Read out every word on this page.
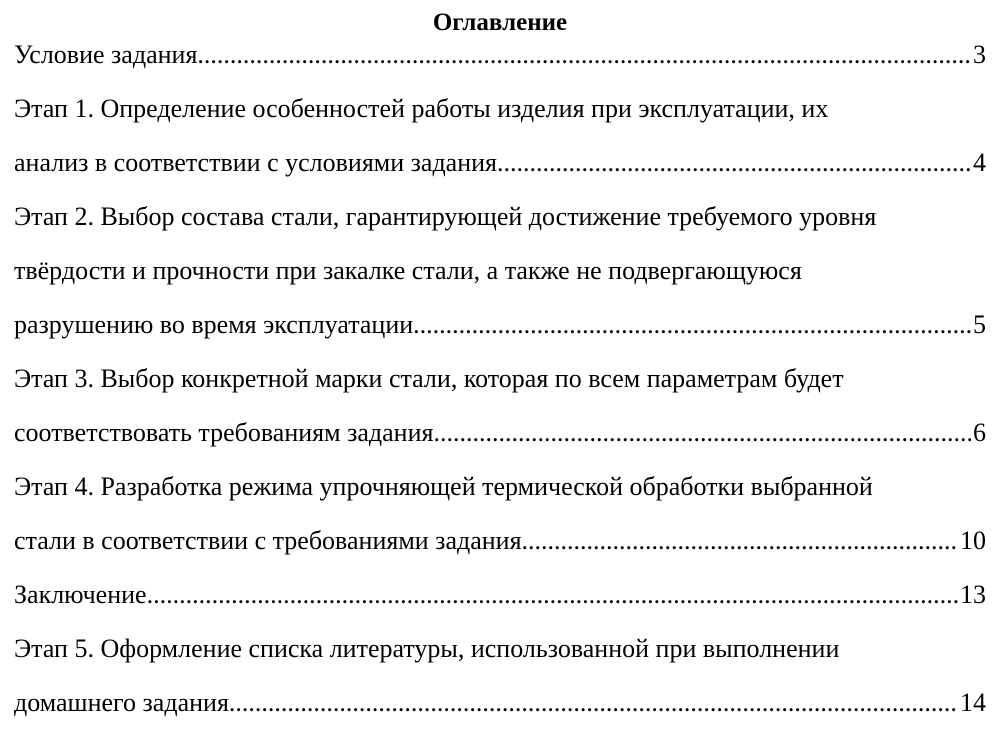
Оглавление
Условие задания .....	3
Этап 1. Определение особенностей работы изделия при эксплуатации, их
анализ в соответствии с условиями задания. .....	4
Этап 2. Выбор состава стали, гарантирующей достижение требуемого уровня
твёрдости и прочности при закалке стали, а также не подвергающуюся
разрушению во время эксплуатации. .....	5
Этап 3. Выбор конкретной марки стали, которая по всем параметрам будет
соответствовать требованиям задания. .....	6
Этап 4. Разработка режима упрочняющей термической обработки выбранной
стали в соответствии с требованиями задания. .....	10
Заключение .....	13
Этап 5. Оформление списка литературы, использованной при выполнении
домашнего задания. .....	14
